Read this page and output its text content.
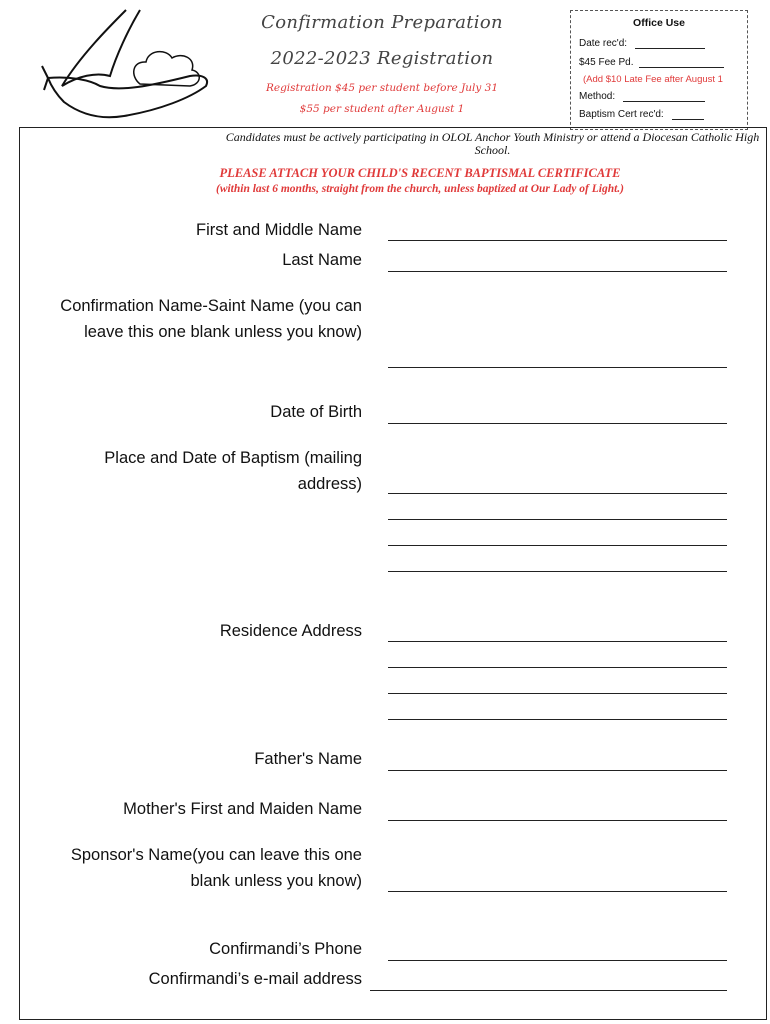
Confirmation Preparation
2022-2023 Registration
Registration $45 per student before July 31
$55 per student after August 1
Office Use
Date rec'd:
$45 Fee Pd.
(Add $10 Late Fee after August 1
Method:
Baptism Cert rec'd:
Candidates must be actively participating in OLOL Anchor Youth Ministry or attend a Diocesan Catholic High School.
PLEASE ATTACH YOUR CHILD'S RECENT BAPTISMAL CERTIFICATE
(within last 6 months, straight from the church, unless baptized at Our Lady of Light.)
First and Middle Name
Last Name
Confirmation Name-Saint Name (you can leave this one blank unless you know)
Date of Birth
Place and Date of Baptism (mailing address)
Residence Address
Father's Name
Mother's First and Maiden Name
Sponsor's Name(you can leave this one blank unless you know)
Confirmandi’s Phone
Confirmandi’s e-mail address
